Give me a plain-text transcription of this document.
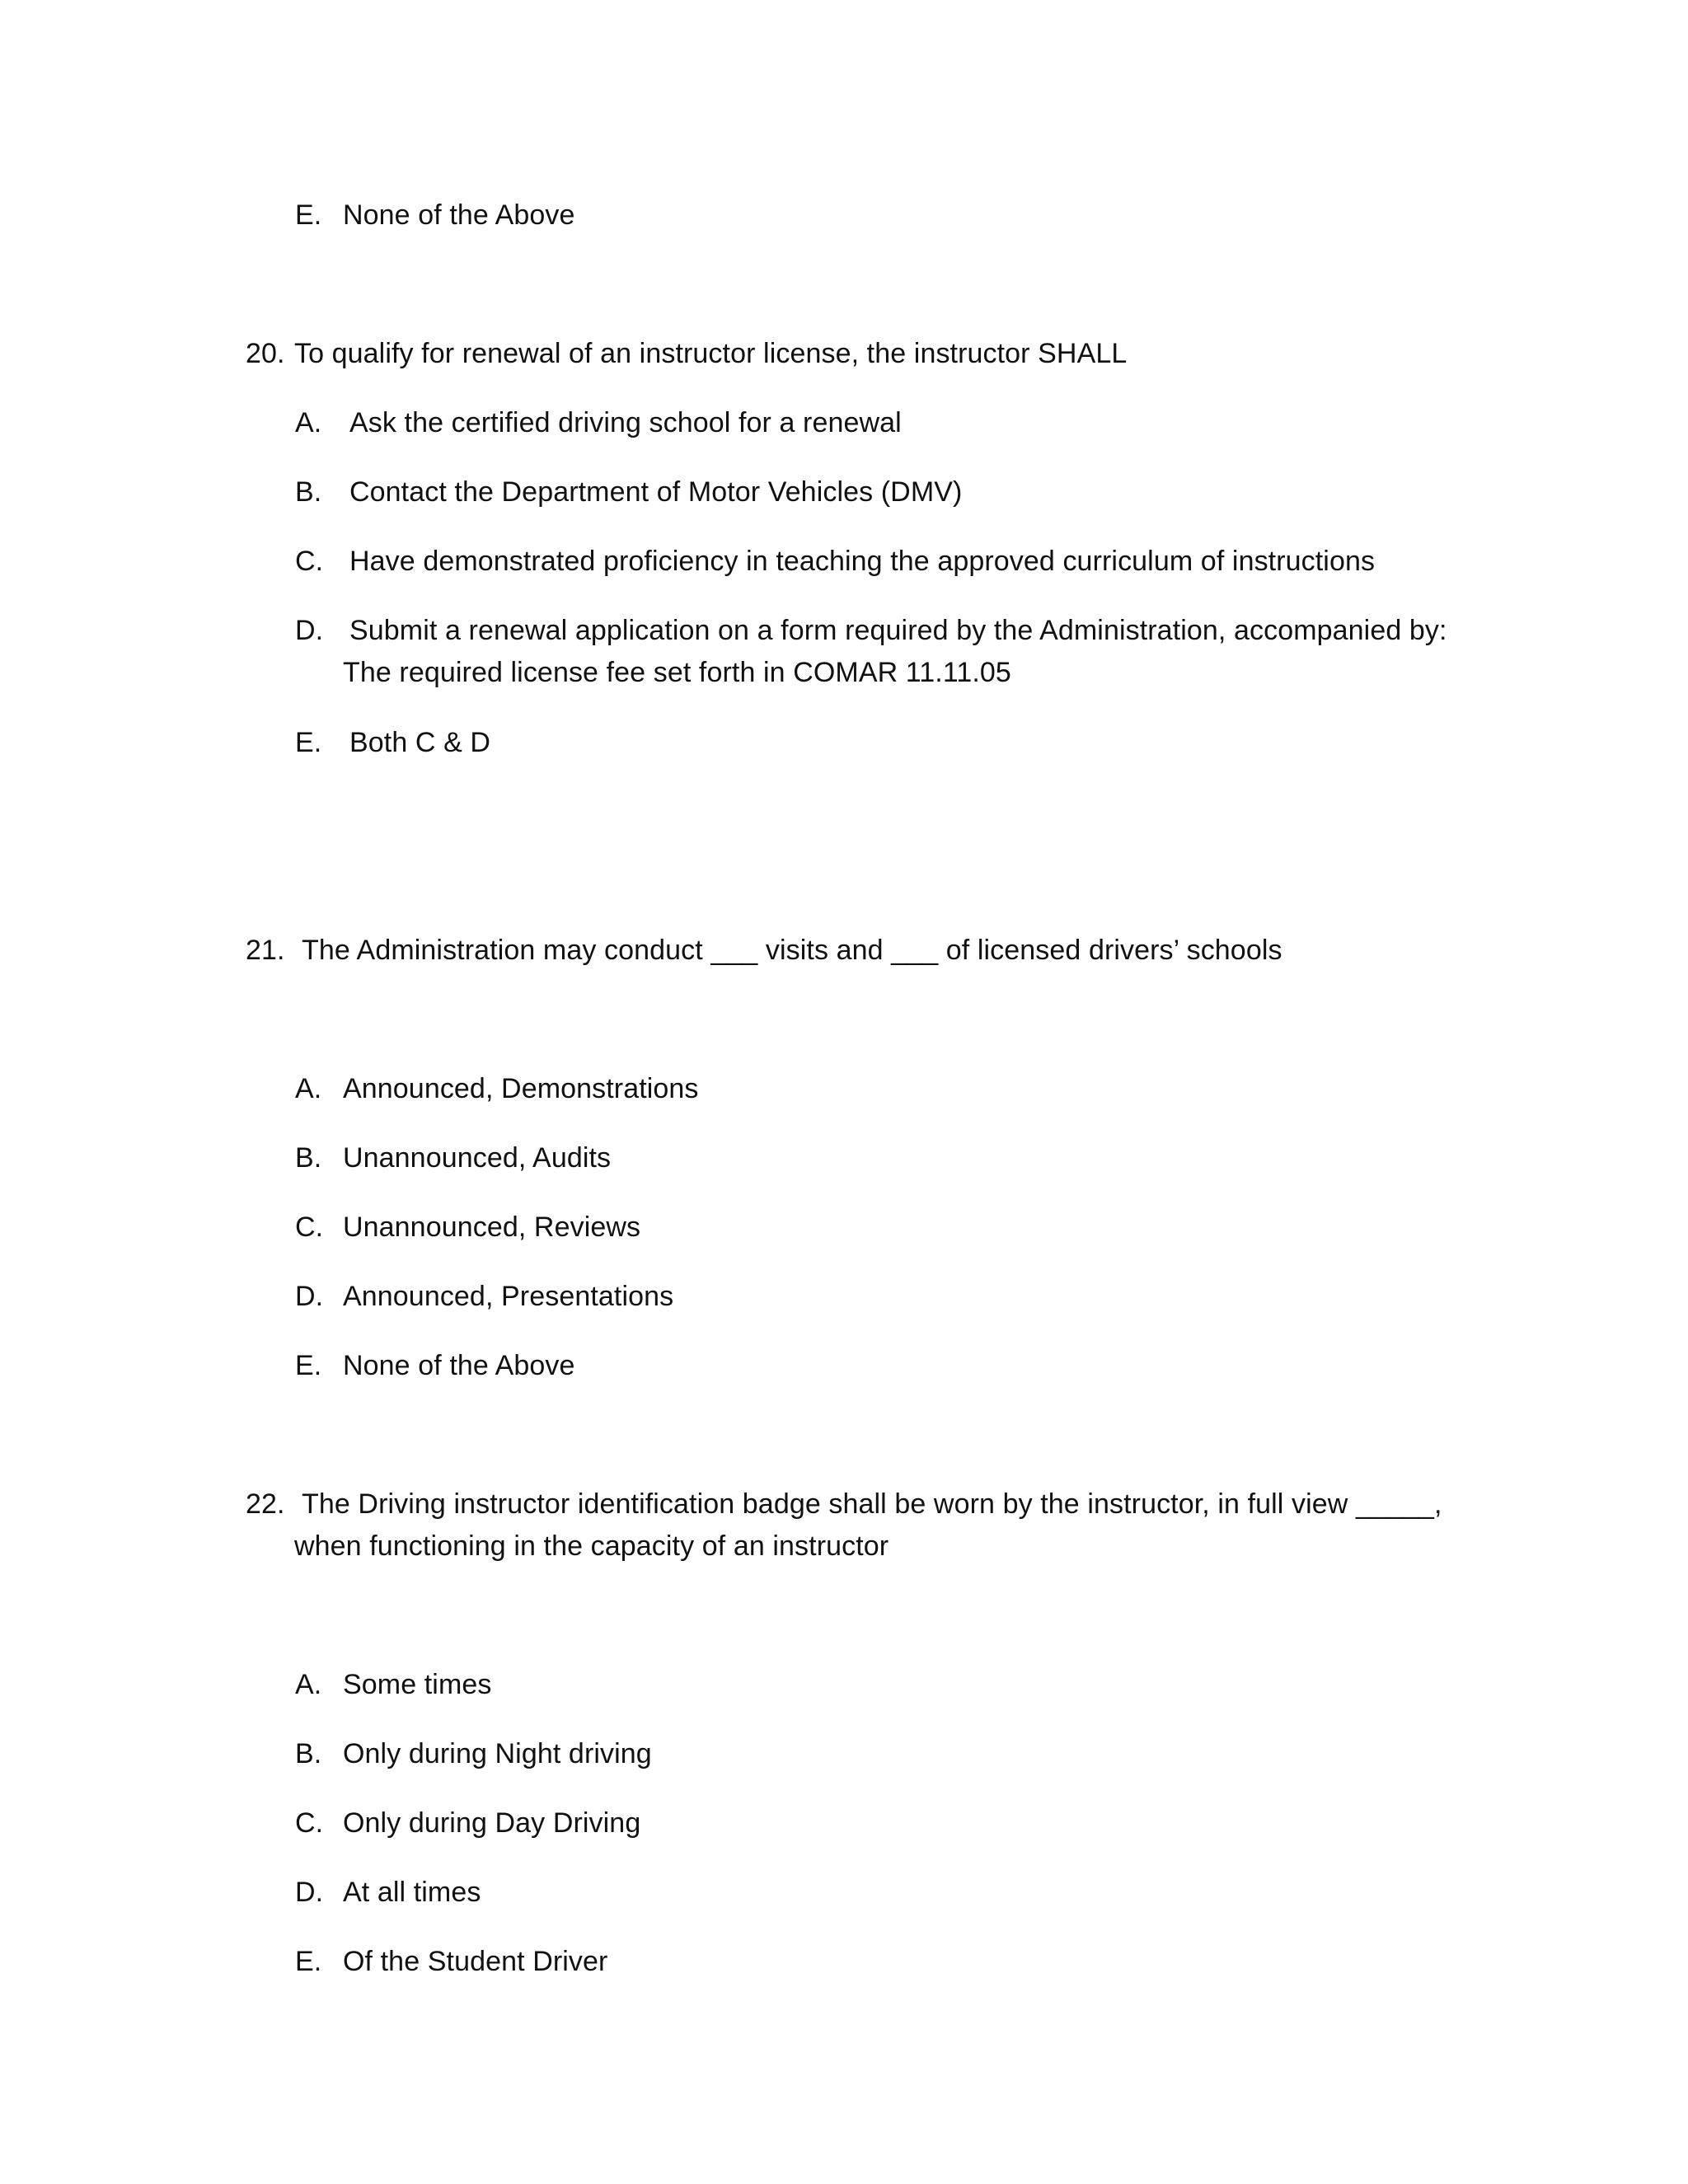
E. None of the Above
20. To qualify for renewal of an instructor license, the instructor SHALL
A. Ask the certified driving school for a renewal
B. Contact the Department of Motor Vehicles (DMV)
C. Have demonstrated proficiency in teaching the approved curriculum of instructions
D. Submit a renewal application on a form required by the Administration, accompanied by:
The required license fee set forth in COMAR 11.11.05
E. Both C & D
21. The Administration may conduct ___ visits and ___ of licensed drivers’ schools
A. Announced, Demonstrations
B. Unannounced, Audits
C. Unannounced, Reviews
D. Announced, Presentations
E. None of the Above
22. The Driving instructor identification badge shall be worn by the instructor, in full view _____,
when functioning in the capacity of an instructor
A. Some times
B. Only during Night driving
C. Only during Day Driving
D. At all times
E. Of the Student Driver
